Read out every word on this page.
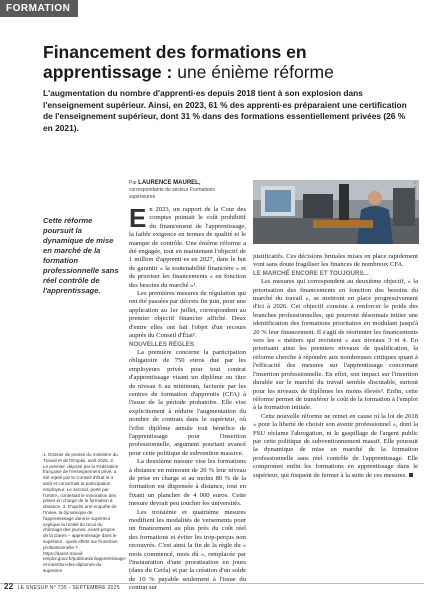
FORMATION
Financement des formations en apprentissage : une énième réforme
L'augmentation du nombre d'apprenti·es depuis 2018 tient à son explosion dans l'enseignement supérieur. Ainsi, en 2023, 61 % des apprenti·es préparaient une certification de l'enseignement supérieur, dont 31 % dans des formations essentiellement privées (26 % en 2021).
Par LAURENCE MAUREL,
correspondante du secteur Formations supérieures
Cette réforme poursuit la dynamique de mise en marché de la formation professionnelle sans réel contrôle de l'apprentissage.

En 2023, un rapport de la Cour des comptes pointait le coût prohibitif du financement de l'apprentissage, la faible exigence en termes de qualité et le manque de contrôle. Une énième réforme a été engagée, tout en maintenant l'objectif de 1 million d'apprenti·es en 2027, dans le but de garantir « la soutenabilité financière » et de prioriser les financements « en fonction des besoins du marché »¹.

Les premières mesures de régulation qui ont été passées par décrets fin juin, pour une application au 1er juillet, correspondent au premier objectif financier affiché. Deux d'entre elles ont fait l'objet d'un recours auprès du Conseil d'État².

NOUVELLES RÈGLES

La première concerne la participation obligatoire de 750 euros due par les employeurs privés pour tout contrat d'apprentissage visant un diplôme ou titre de niveau 6 au minimum, facturée par les centres de formation d'apprentis (CFA) à l'issue de la période probatoire. Elle vise explicitement à réduire l'augmentation du nombre de contrats dans le supérieur, où l'effet diplôme annule tout bénéfice de l'apprentissage pour l'insertion professionnelle, argument pourtant avancé pour cette politique de subvention massive.

La deuxième mesure vise les formations à distance en minorant de 20 % leur niveau de prise en charge si au moins 80 % de la formation est dispensée à distance, tout en fixant un plancher de 4 000 euros. Cette mesure devrait peu toucher les universités.

Les troisième et quatrième mesures modifient les modalités de versements pour un financement au plus près du coût réel des formations et éviter les trop-perçus non recouvrés. C'est ainsi la fin de la règle du « mois commencé, mois dû », remplacée par l'instauration d'une proratisation en jours (dans du Cerfa) et par la création d'un solde de 10 % payable seulement à l'issue du contrat sur

© Aloïs Photos

justificatifs. Ces décisions brutales mises en place rapidement vont sans doute fragiliser les finances de nombreux CFA.

LE MARCHÉ ENCORE ET TOUJOURS...

Les mesures qui correspondent au deuxième objectif, « la priorisation des financements en fonction des besoins du marché du travail », se mettront en place progressivement d'ici à 2026. Cet objectif consiste à renforcer le poids des branches professionnelles, qui pourront désormais initier une identification des formations prioritaires en modulant jusqu'à 20 % leur financement. Il s'agit de réorienter les financements vers les « métiers qui recrutent » aux niveaux 3 et 4. En priorisant ainsi les premiers niveaux de qualification, la réforme cherche à répondre aux nombreuses critiques quant à l'efficacité des mesures sur l'apprentissage concernant l'insertion professionnelle. En effet, son impact sur l'insertion durable sur le marché du travail semble discutable, surtout pour les niveaux de diplômes les moins élevés³. Enfin, cette réforme permet de transférer le coût de la formation à l'emploi à la formation initiale.

Cette nouvelle réforme ne remet en cause ni la loi de 2018 « pour la liberté de choisir son avenir professionnel », dont la FSU réclame l'abrogation, ni le gaspillage de l'argent public par cette politique de subventionnement massif. Elle poursuit la dynamique de mise en marché de la formation professionnelle sans réel contrôle de l'apprentissage. Elle compromet enfin les formations en apprentissage dans le supérieur, qui risquent de fermer à la suite de ces mesures.

1. Dossier de presse du ministère du Travail et de l'Emploi, avril 2025. 2. Le premier, déposé par la Fédération française de l'enseignement privé, a été rejeté par le Conseil d'État le 4 août et concernait la participation employeur. Le second, porté par l'UNSA, contestait le minoration des prises en charge de la formation à distance. 3. D'après une enquête de l'Insee, la dynamique de l'apprentissage dans le supérieur explique la moitié du recul du chômage des jeunes. Avant-propos de la Dares – apprentissage dans le supérieur : quels effets sur l'insertion professionnelle ? https://dares.travail-emploi.gouv.fr/publication/apprentissage-et-insertion-des-diplomes-du-superieur
22 LE SNESUP N° 735 - SEPTEMBRE 2025
